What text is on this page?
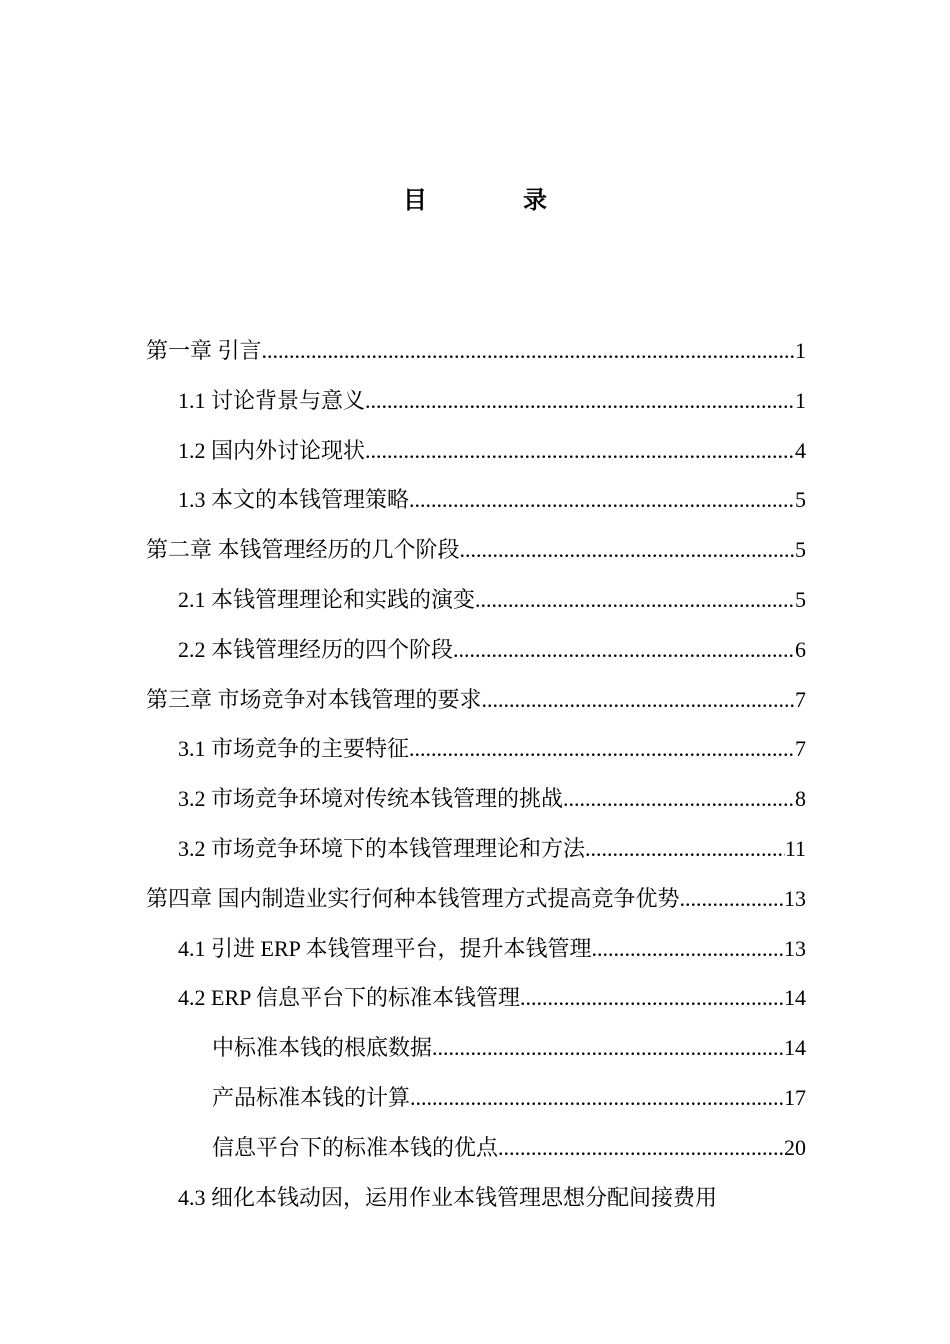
目　录
第一章 引言 .....	1
1.1 讨论背景与意义 .....	1
1.2 国内外讨论现状 .....	4
1.3 本文的本钱管理策略 .....	5
第二章 本钱管理经历的几个阶段 .....	5
2.1 本钱管理理论和实践的演变 .....	5
2.2 本钱管理经历的四个阶段 .....	6
第三章 市场竞争对本钱管理的要求 .....	7
3.1 市场竞争的主要特征 .....	7
3.2 市场竞争环境对传统本钱管理的挑战 .....	8
3.2 市场竞争环境下的本钱管理理论和方法 .....	11
第四章 国内制造业实行何种本钱管理方式提高竞争优势 .....	13
4.1 引进 ERP 本钱管理平台，提升本钱管理 .....	13
4.2 ERP 信息平台下的标准本钱管理 .....	14
中标准本钱的根底数据 .....	14
产品标准本钱的计算 .....	17
信息平台下的标准本钱的优点 .....	20
4.3 细化本钱动因，运用作业本钱管理思想分配间接费用
